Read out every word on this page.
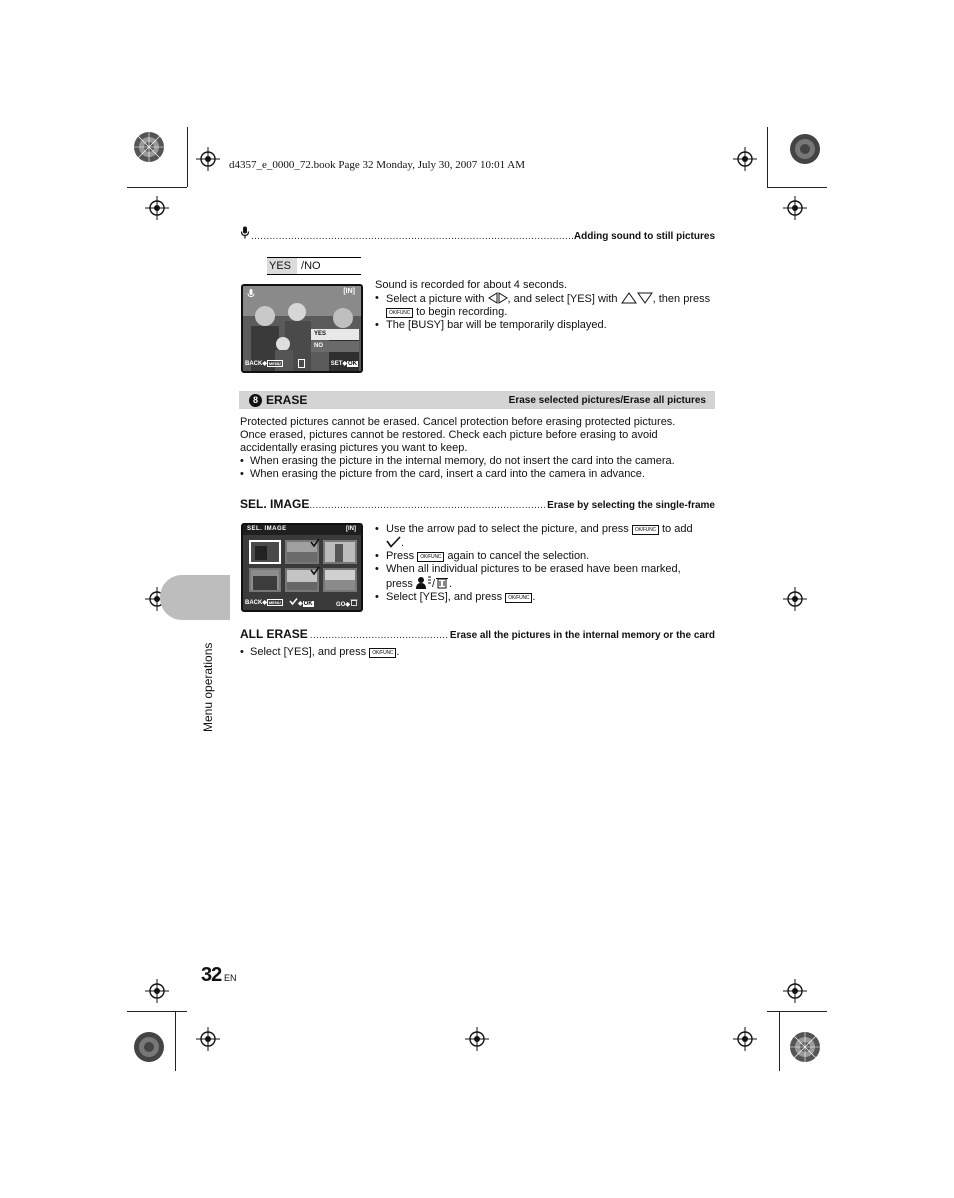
d4357_e_0000_72.book Page 32 Monday, July 30, 2007 10:01 AM
.....
Adding sound to still pictures
YES /NO
[IN]
YES
NO
BACK◆ MENU	SET◆OK
Sound is recorded for about 4 seconds.
• Select a picture with , and select [YES] with	, then press
OK/FUNC to begin recording.
• The [BUSY] bar will be temporarily displayed.
8 ERASE	Erase selected pictures/Erase all pictures
Protected pictures cannot be erased. Cancel protection before erasing protected pictures.
Once erased, pictures cannot be restored. Check each picture before erasing to avoid
accidentally erasing pictures you want to keep.
• When erasing the picture in the internal memory, do not insert the card into the camera.
• When erasing the picture from the card, insert a card into the camera in advance.
SEL. IMAGE .....	Erase by selecting the single-frame
SEL. IMAGE	[IN]
BACK◆ MENU	◆OK	GO◆
• Use the arrow pad to select the picture, and press OK/FUNC to add
.
• Press OK/FUNC again to cancel the selection.
• When all individual pictures to be erased have been marked,
press / .
• Select [YES], and press OK/FUNC .
ALL ERASE .....	Erase all the pictures in the internal memory or the card
• Select [YES], and press OK/FUNC .
Menu operations
32 EN
